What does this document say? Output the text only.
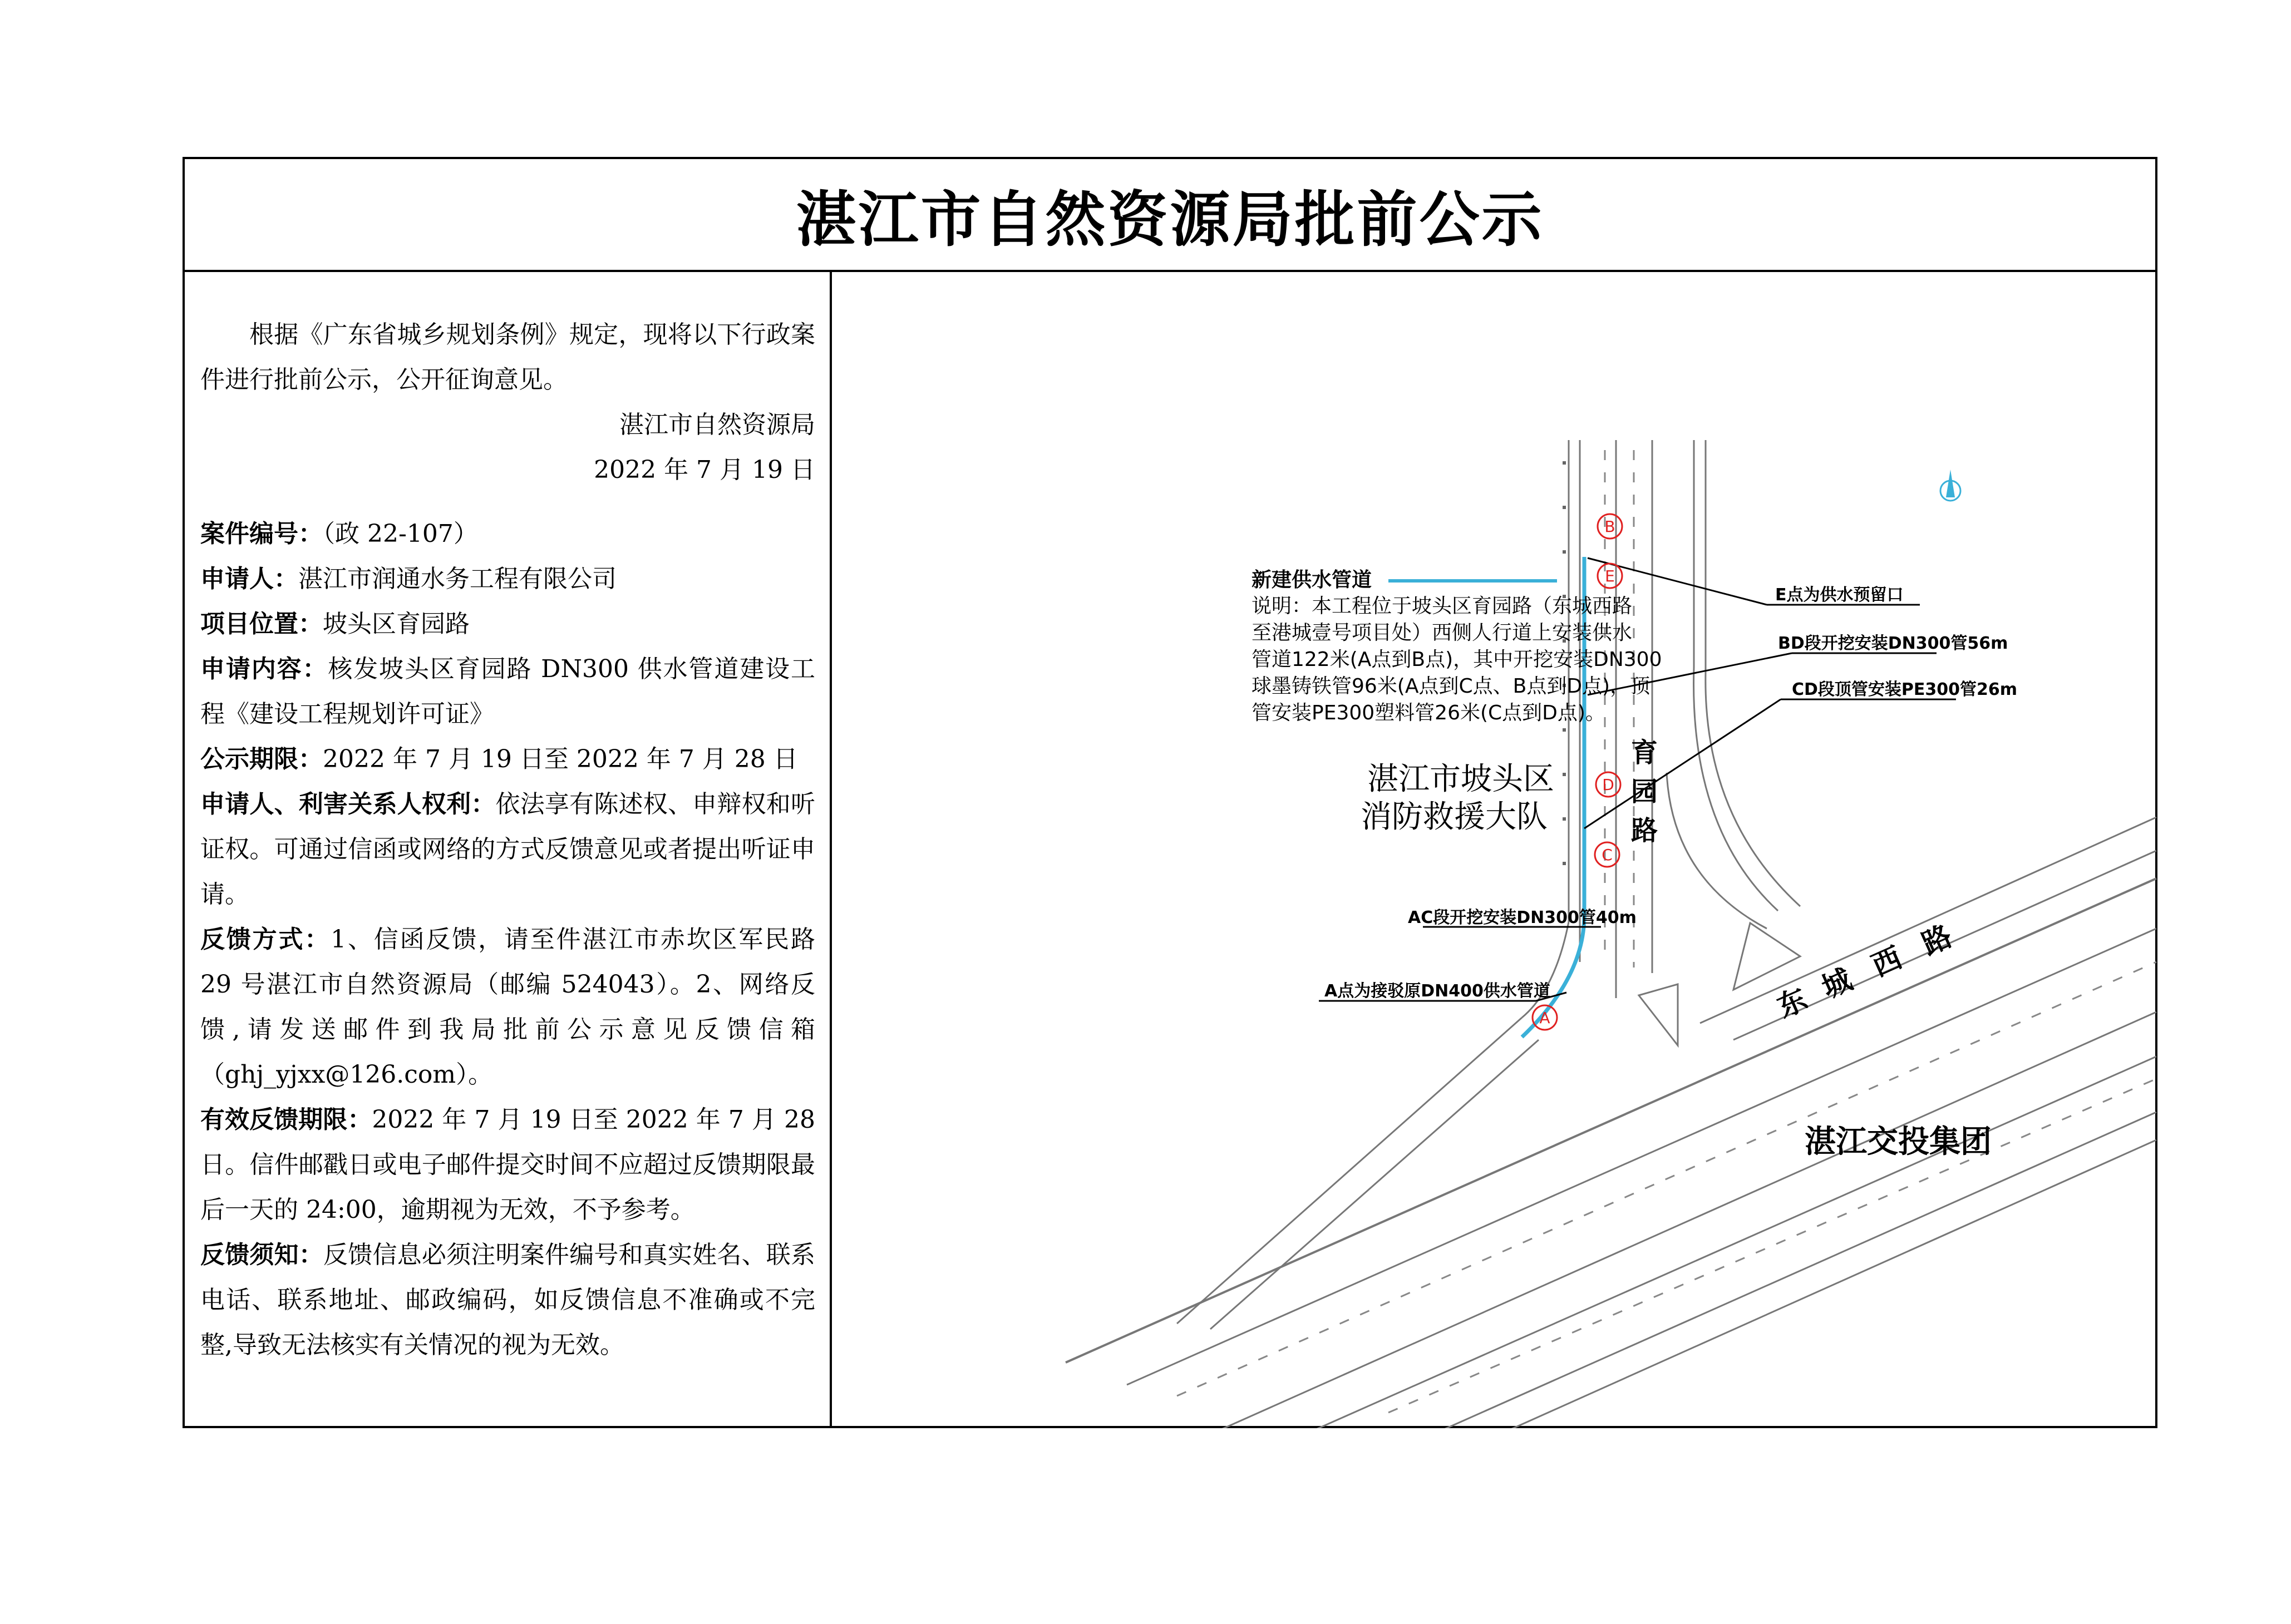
湛江市自然资源局批前公示

根据《广东省城乡规划条例》规定，现将以下行政案件进行批前公示，公开征询意见。

湛江市自然资源局

2022 年 7 月 19 日

案件编号：（政 22-107）

申请人：湛江市润通水务工程有限公司

项目位置：坡头区育园路

申请内容：核发坡头区育园路 DN300 供水管道建设工程《建设工程规划许可证》

公示期限：2022 年 7 月 19 日至 2022 年 7 月 28 日

申请人、利害关系人权利：依法享有陈述权、申辩权和听证权。可通过信函或网络的方式反馈意见或者提出听证申请。

反馈方式：1、信函反馈，请至件湛江市赤坎区军民路 29 号湛江市自然资源局（邮编 524043）。2、网络反馈,请发送邮件到我局批前公示意见反馈信箱（ghj_yjxx@126.com）。

有效反馈期限：2022 年 7 月 19 日至 2022 年 7 月 28 日。信件邮戳日或电子邮件提交时间不应超过反馈期限最后一天的 24:00，逾期视为无效，不予参考。

反馈须知：反馈信息必须注明案件编号和真实姓名、联系电话、联系地址、邮政编码，如反馈信息不准确或不完整,导致无法核实有关情况的视为无效。

新建供水管道
说明：本工程位于坡头区育园路（东城西路
至港城壹号项目处）西侧人行道上安装供水
管道122米(A点到B点)，其中开挖安装DN300
球墨铸铁管96米(A点到C点、B点到D点)，顶
管安装PE300塑料管26米(C点到D点)。
E点为供水预留口
BD段开挖安装DN300管56m
CD段顶管安装PE300管26m
AC段开挖安装DN300管40m
A点为接驳原DN400供水管道
B
E
D
C
A
湛江市坡头区
消防救援大队
育
园
路
东 城
西
路
湛江交投集团
